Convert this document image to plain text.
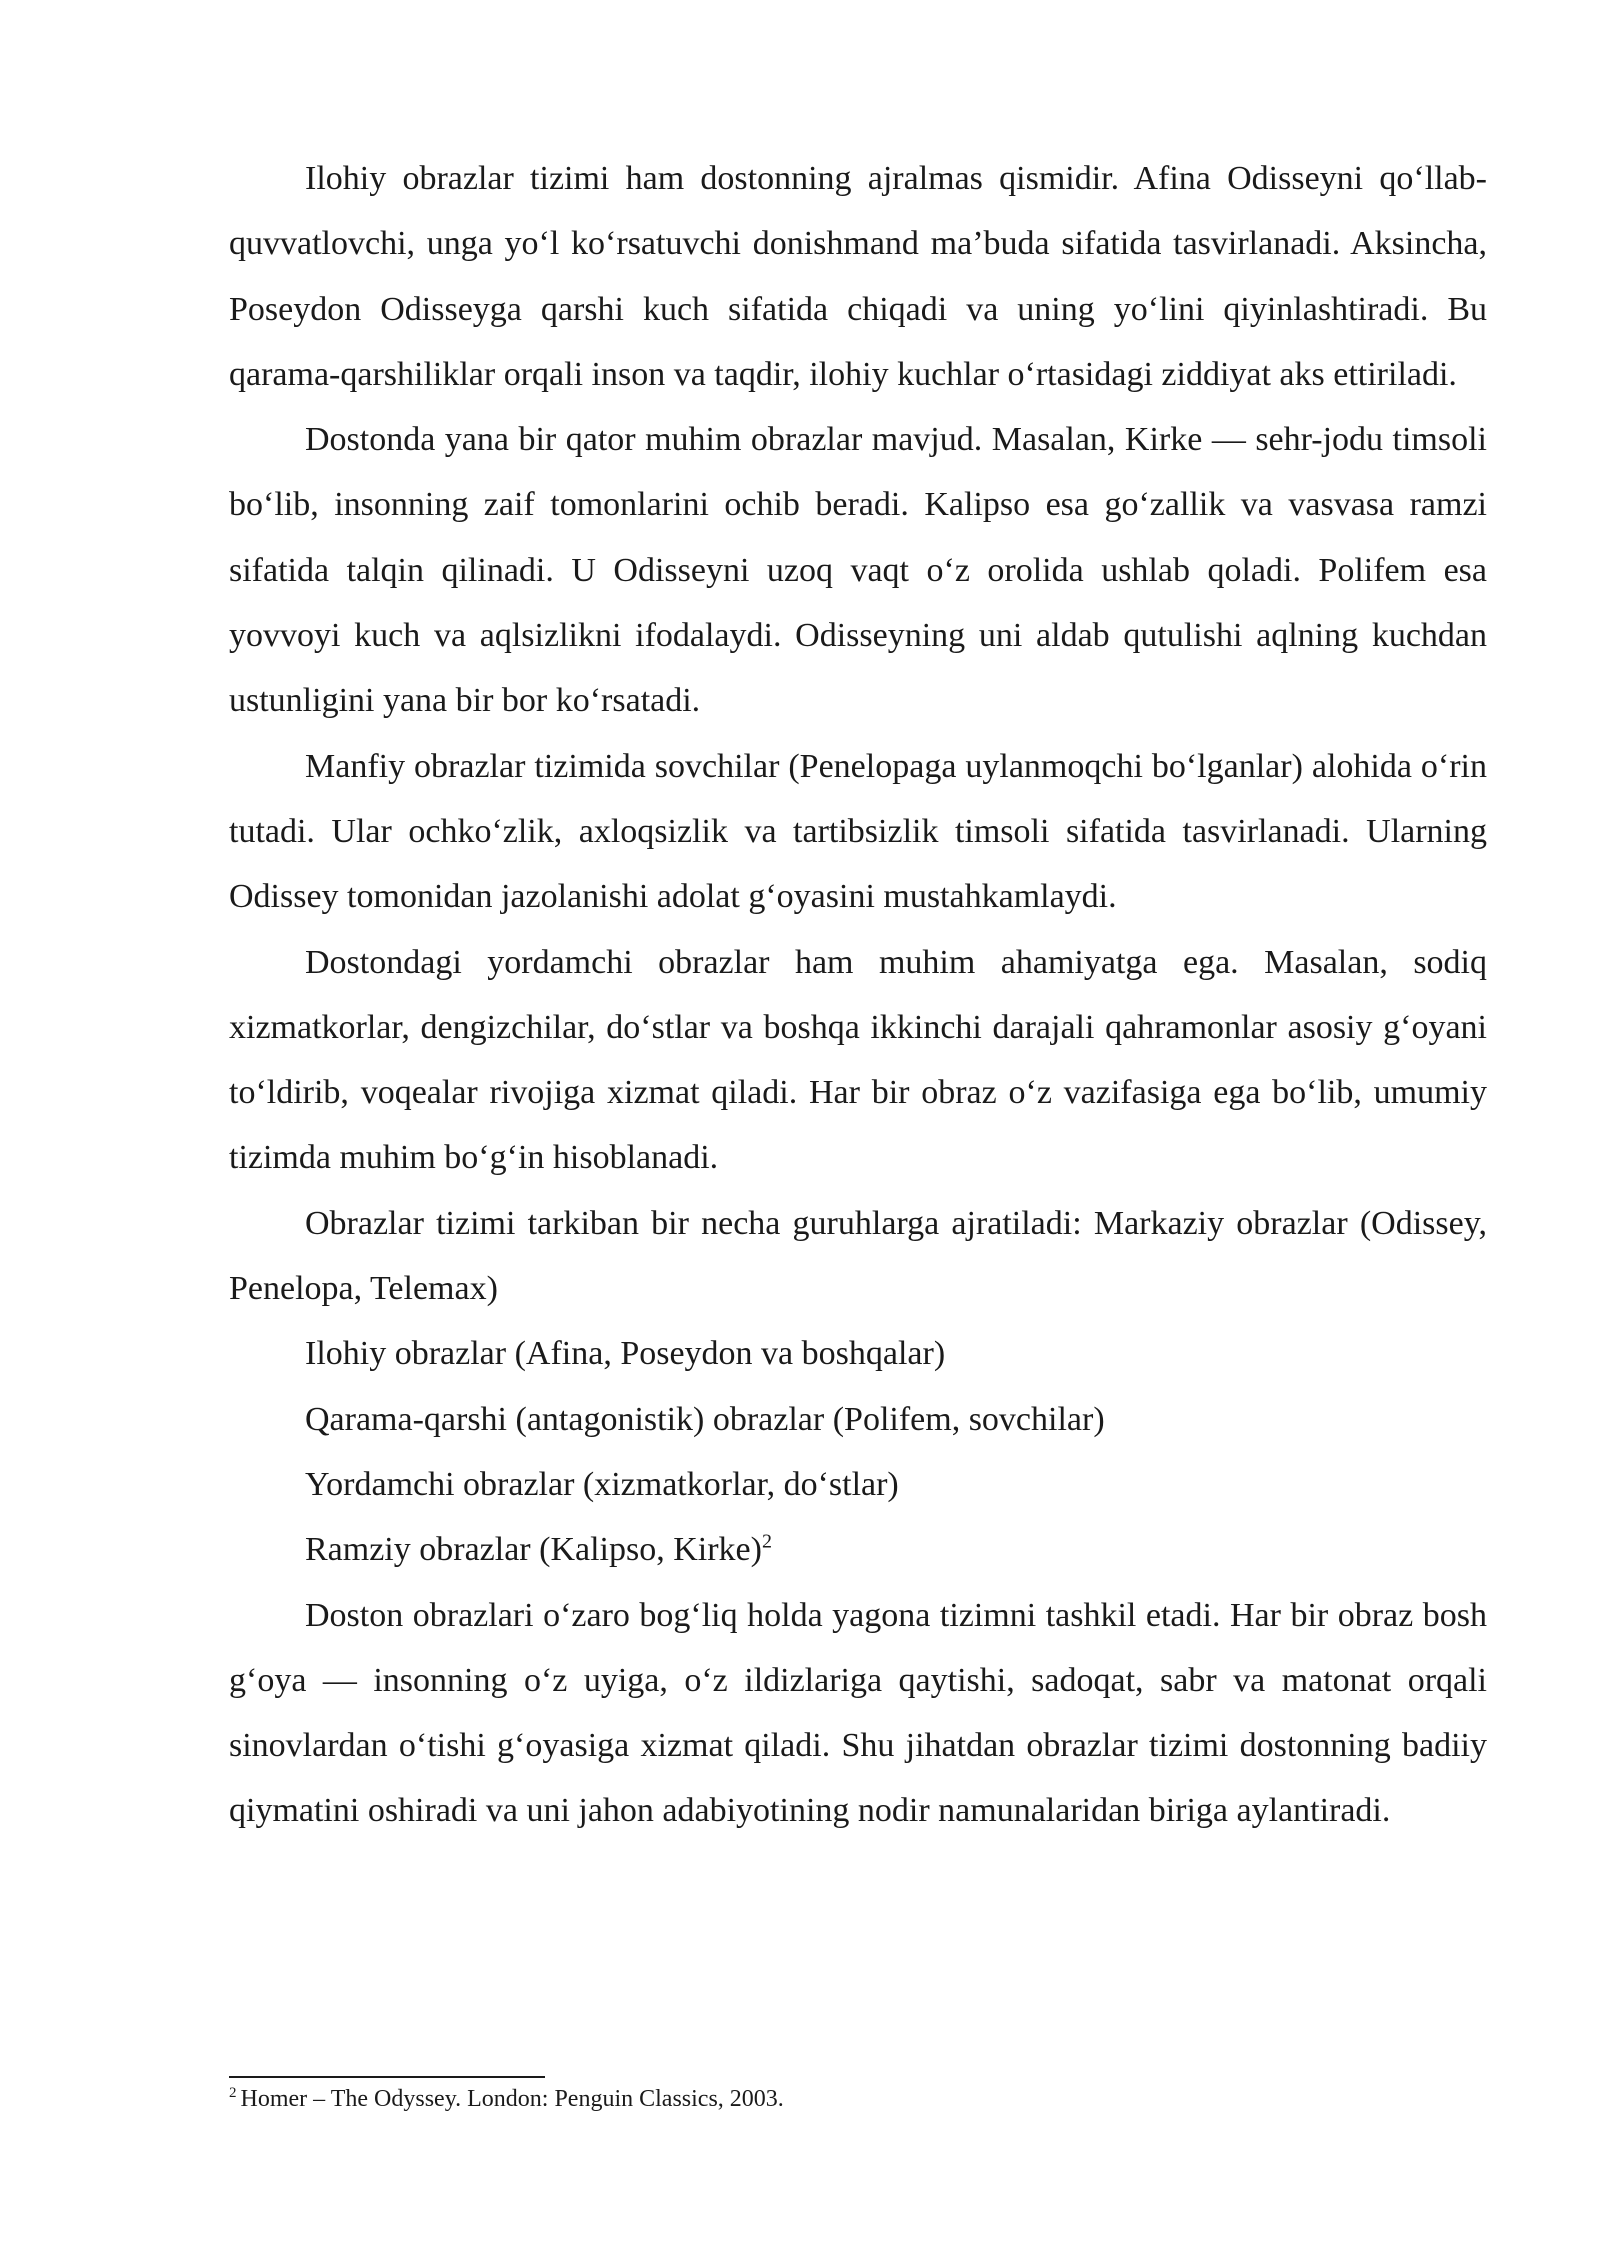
Ilohiy obrazlar tizimi ham dostonning ajralmas qismidir. Afina Odisseyni qo‘llab-quvvatlovchi, unga yo‘l ko‘rsatuvchi donishmand ma’buda sifatida tasvirlanadi. Aksincha, Poseydon Odisseyga qarshi kuch sifatida chiqadi va uning yo‘lini qiyinlashtiradi. Bu qarama-qarshiliklar orqali inson va taqdir, ilohiy kuchlar o‘rtasidagi ziddiyat aks ettiriladi.

Dostonda yana bir qator muhim obrazlar mavjud. Masalan, Kirke — sehr-jodu timsoli bo‘lib, insonning zaif tomonlarini ochib beradi. Kalipso esa go‘zallik va vasvasa ramzi sifatida talqin qilinadi. U Odisseyni uzoq vaqt o‘z orolida ushlab qoladi. Polifem esa yovvoyi kuch va aqlsizlikni ifodalaydi. Odisseyning uni aldab qutulishi aqlning kuchdan ustunligini yana bir bor ko‘rsatadi.

Manfiy obrazlar tizimida sovchilar (Penelopaga uylanmoqchi bo‘lganlar) alohida o‘rin tutadi. Ular ochko‘zlik, axloqsizlik va tartibsizlik timsoli sifatida tasvirlanadi. Ularning Odissey tomonidan jazolanishi adolat g‘oyasini mustahkamlaydi.

Dostondagi yordamchi obrazlar ham muhim ahamiyatga ega. Masalan, sodiq xizmatkorlar, dengizchilar, do‘stlar va boshqa ikkinchi darajali qahramonlar asosiy g‘oyani to‘ldirib, voqealar rivojiga xizmat qiladi. Har bir obraz o‘z vazifasiga ega bo‘lib, umumiy tizimda muhim bo‘g‘in hisoblanadi.

Obrazlar tizimi tarkiban bir necha guruhlarga ajratiladi: Markaziy obrazlar (Odissey, Penelopa, Telemax)

Ilohiy obrazlar (Afina, Poseydon va boshqalar)

Qarama-qarshi (antagonistik) obrazlar (Polifem, sovchilar)

Yordamchi obrazlar (xizmatkorlar, do‘stlar)

Ramziy obrazlar (Kalipso, Kirke)$^2$

Doston obrazlari o‘zaro bog‘liq holda yagona tizimni tashkil etadi. Har bir obraz bosh g‘oya — insonning o‘z uyiga, o‘z ildizlariga qaytishi, sadoqat, sabr va matonat orqali sinovlardan o‘tishi g‘oyasiga xizmat qiladi. Shu jihatdan obrazlar tizimi dostonning badiiy qiymatini oshiradi va uni jahon adabiyotining nodir namunalaridan biriga aylantiradi.

$^2$ Homer – The Odyssey. London: Penguin Classics, 2003.
